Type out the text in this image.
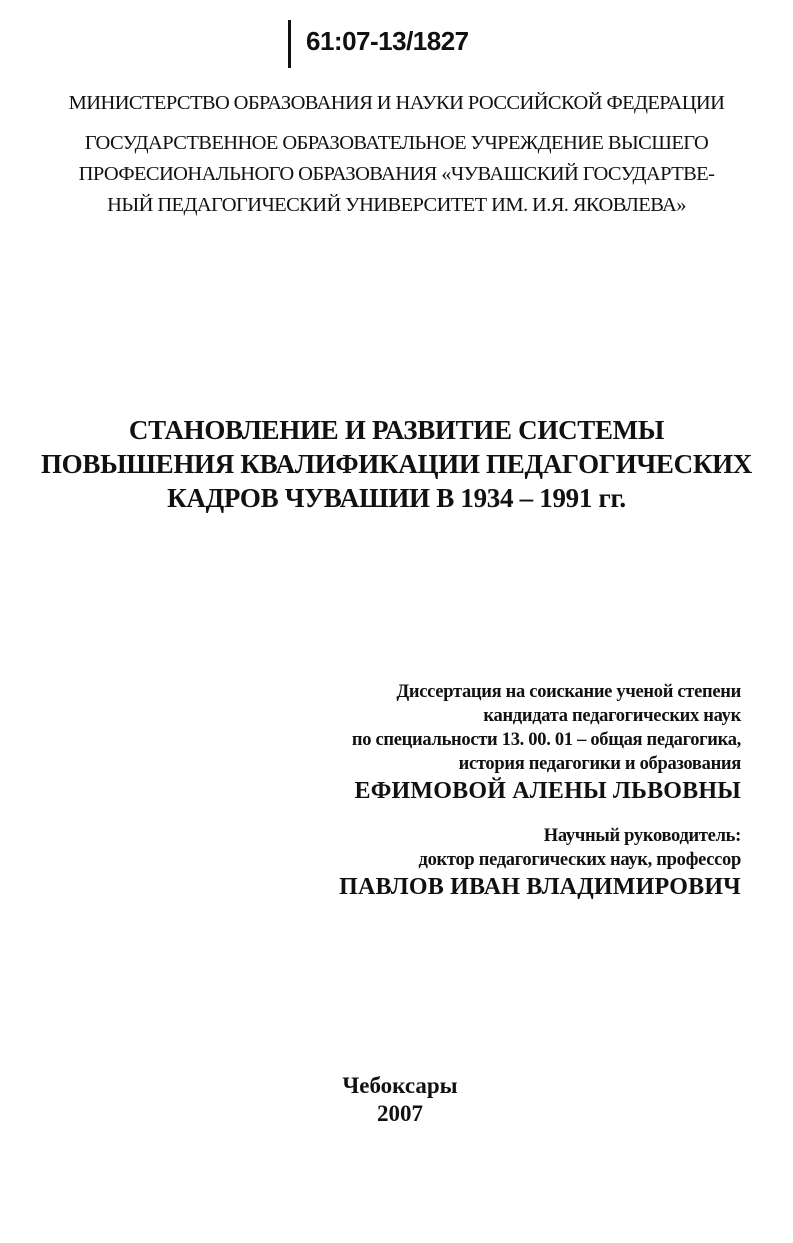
61:07-13/1827
МИНИСТЕРСТВО ОБРАЗОВАНИЯ И НАУКИ РОССИЙСКОЙ ФЕДЕРАЦИИ
ГОСУДАРСТВЕННОЕ ОБРАЗОВАТЕЛЬНОЕ УЧРЕЖДЕНИЕ ВЫСШЕГО
ПРОФЕСИОНАЛЬНОГО ОБРАЗОВАНИЯ «ЧУВАШСКИЙ ГОСУДАРТВЕ-
НЫЙ ПЕДАГОГИЧЕСКИЙ УНИВЕРСИТЕТ ИМ. И.Я. ЯКОВЛЕВА»
СТАНОВЛЕНИЕ И РАЗВИТИЕ СИСТЕМЫ
ПОВЫШЕНИЯ КВАЛИФИКАЦИИ ПЕДАГОГИЧЕСКИХ
КАДРОВ ЧУВАШИИ В 1934 – 1991 гг.
Диссертация на соискание ученой степени
кандидата педагогических наук
по специальности 13. 00. 01 – общая педагогика,
история педагогики и образования
ЕФИМОВОЙ АЛЕНЫ ЛЬВОВНЫ
Научный руководитель:
доктор педагогических наук, профессор
ПАВЛОВ ИВАН ВЛАДИМИРОВИЧ
Чебоксары
2007
